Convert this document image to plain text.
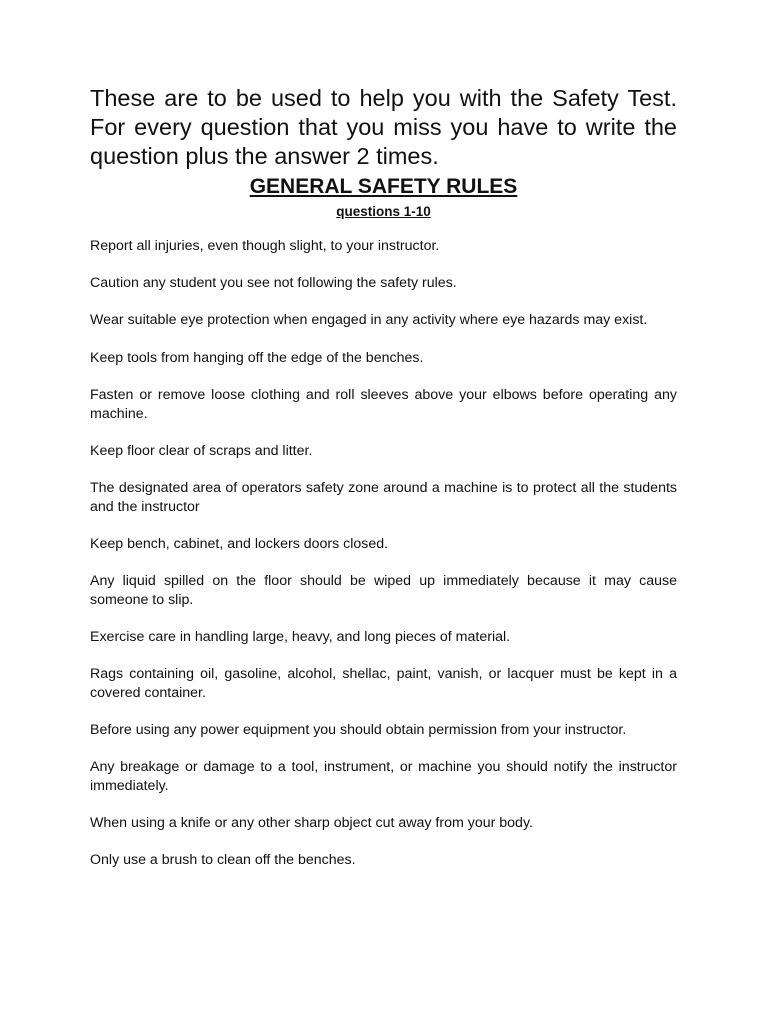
These are to be used to help you with the Safety Test. For every question that you miss you have to write the question plus the answer 2 times.

GENERAL SAFETY RULES
questions 1-10
Report all injuries, even though slight, to your instructor.
Caution any student you see not following the safety rules.
Wear suitable eye protection when engaged in any activity where eye hazards may exist.
Keep tools from hanging off the edge of the benches.
Fasten or remove loose clothing and roll sleeves above your elbows before operating any machine.
Keep floor clear of scraps and litter.
The designated area of operators safety zone around a machine is to protect all the students and the instructor
Keep bench, cabinet, and lockers doors closed.
Any liquid spilled on the floor should be wiped up immediately because it may cause someone to slip.
Exercise care in handling large, heavy, and long pieces of material.
Rags containing oil, gasoline, alcohol, shellac, paint, vanish, or lacquer must be kept in a covered container.
Before using any power equipment you should obtain permission from your instructor.
Any breakage or damage to a tool, instrument, or machine you should notify the instructor immediately.
When using a knife or any other sharp object cut away from your body.
Only use a brush to clean off the benches.
